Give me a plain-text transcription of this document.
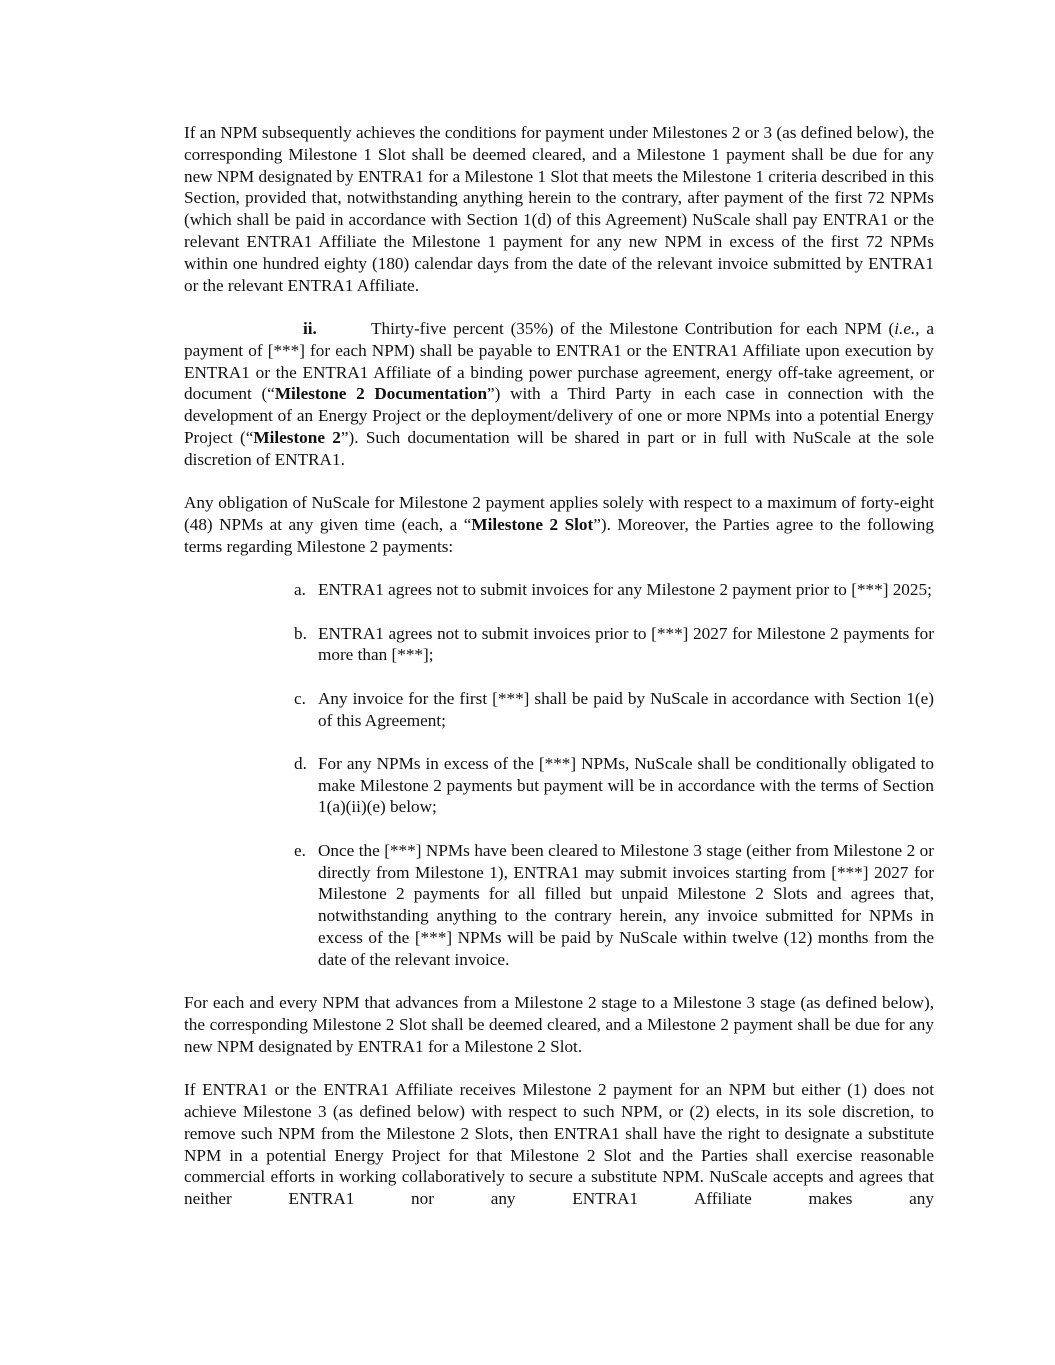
If an NPM subsequently achieves the conditions for payment under Milestones 2 or 3 (as defined below), the corresponding Milestone 1 Slot shall be deemed cleared, and a Milestone 1 payment shall be due for any new NPM designated by ENTRA1 for a Milestone 1 Slot that meets the Milestone 1 criteria described in this Section, provided that, notwithstanding anything herein to the contrary, after payment of the first 72 NPMs (which shall be paid in accordance with Section 1(d) of this Agreement) NuScale shall pay ENTRA1 or the relevant ENTRA1 Affiliate the Milestone 1 payment for any new NPM in excess of the first 72 NPMs within one hundred eighty (180) calendar days from the date of the relevant invoice submitted by ENTRA1 or the relevant ENTRA1 Affiliate.

ii.	Thirty-five percent (35%) of the Milestone Contribution for each NPM (i.e., a payment of [***] for each NPM) shall be payable to ENTRA1 or the ENTRA1 Affiliate upon execution by ENTRA1 or the ENTRA1 Affiliate of a binding power purchase agreement, energy off-take agreement, or document (“Milestone 2 Documentation”) with a Third Party in each case in connection with the development of an Energy Project or the deployment/delivery of one or more NPMs into a potential Energy Project (“Milestone 2”). Such documentation will be shared in part or in full with NuScale at the sole discretion of ENTRA1.

Any obligation of NuScale for Milestone 2 payment applies solely with respect to a maximum of forty-eight (48) NPMs at any given time (each, a “Milestone 2 Slot”). Moreover, the Parties agree to the following terms regarding Milestone 2 payments:

a. ENTRA1 agrees not to submit invoices for any Milestone 2 payment prior to [***] 2025;
b. ENTRA1 agrees not to submit invoices prior to [***] 2027 for Milestone 2 payments for more than [***];
c. Any invoice for the first [***] shall be paid by NuScale in accordance with Section 1(e) of this Agreement;
d. For any NPMs in excess of the [***] NPMs, NuScale shall be conditionally obligated to make Milestone 2 payments but payment will be in accordance with the terms of Section 1(a)(ii)(e) below;
e. Once the [***] NPMs have been cleared to Milestone 3 stage (either from Milestone 2 or directly from Milestone 1), ENTRA1 may submit invoices starting from [***] 2027 for Milestone 2 payments for all filled but unpaid Milestone 2 Slots and agrees that, notwithstanding anything to the contrary herein, any invoice submitted for NPMs in excess of the [***] NPMs will be paid by NuScale within twelve (12) months from the date of the relevant invoice.

For each and every NPM that advances from a Milestone 2 stage to a Milestone 3 stage (as defined below), the corresponding Milestone 2 Slot shall be deemed cleared, and a Milestone 2 payment shall be due for any new NPM designated by ENTRA1 for a Milestone 2 Slot.

If ENTRA1 or the ENTRA1 Affiliate receives Milestone 2 payment for an NPM but either (1) does not achieve Milestone 3 (as defined below) with respect to such NPM, or (2) elects, in its sole discretion, to remove such NPM from the Milestone 2 Slots, then ENTRA1 shall have the right to designate a substitute NPM in a potential Energy Project for that Milestone 2 Slot and the Parties shall exercise reasonable commercial efforts in working collaboratively to secure a substitute NPM. NuScale accepts and agrees that neither ENTRA1 nor any ENTRA1 Affiliate makes any
